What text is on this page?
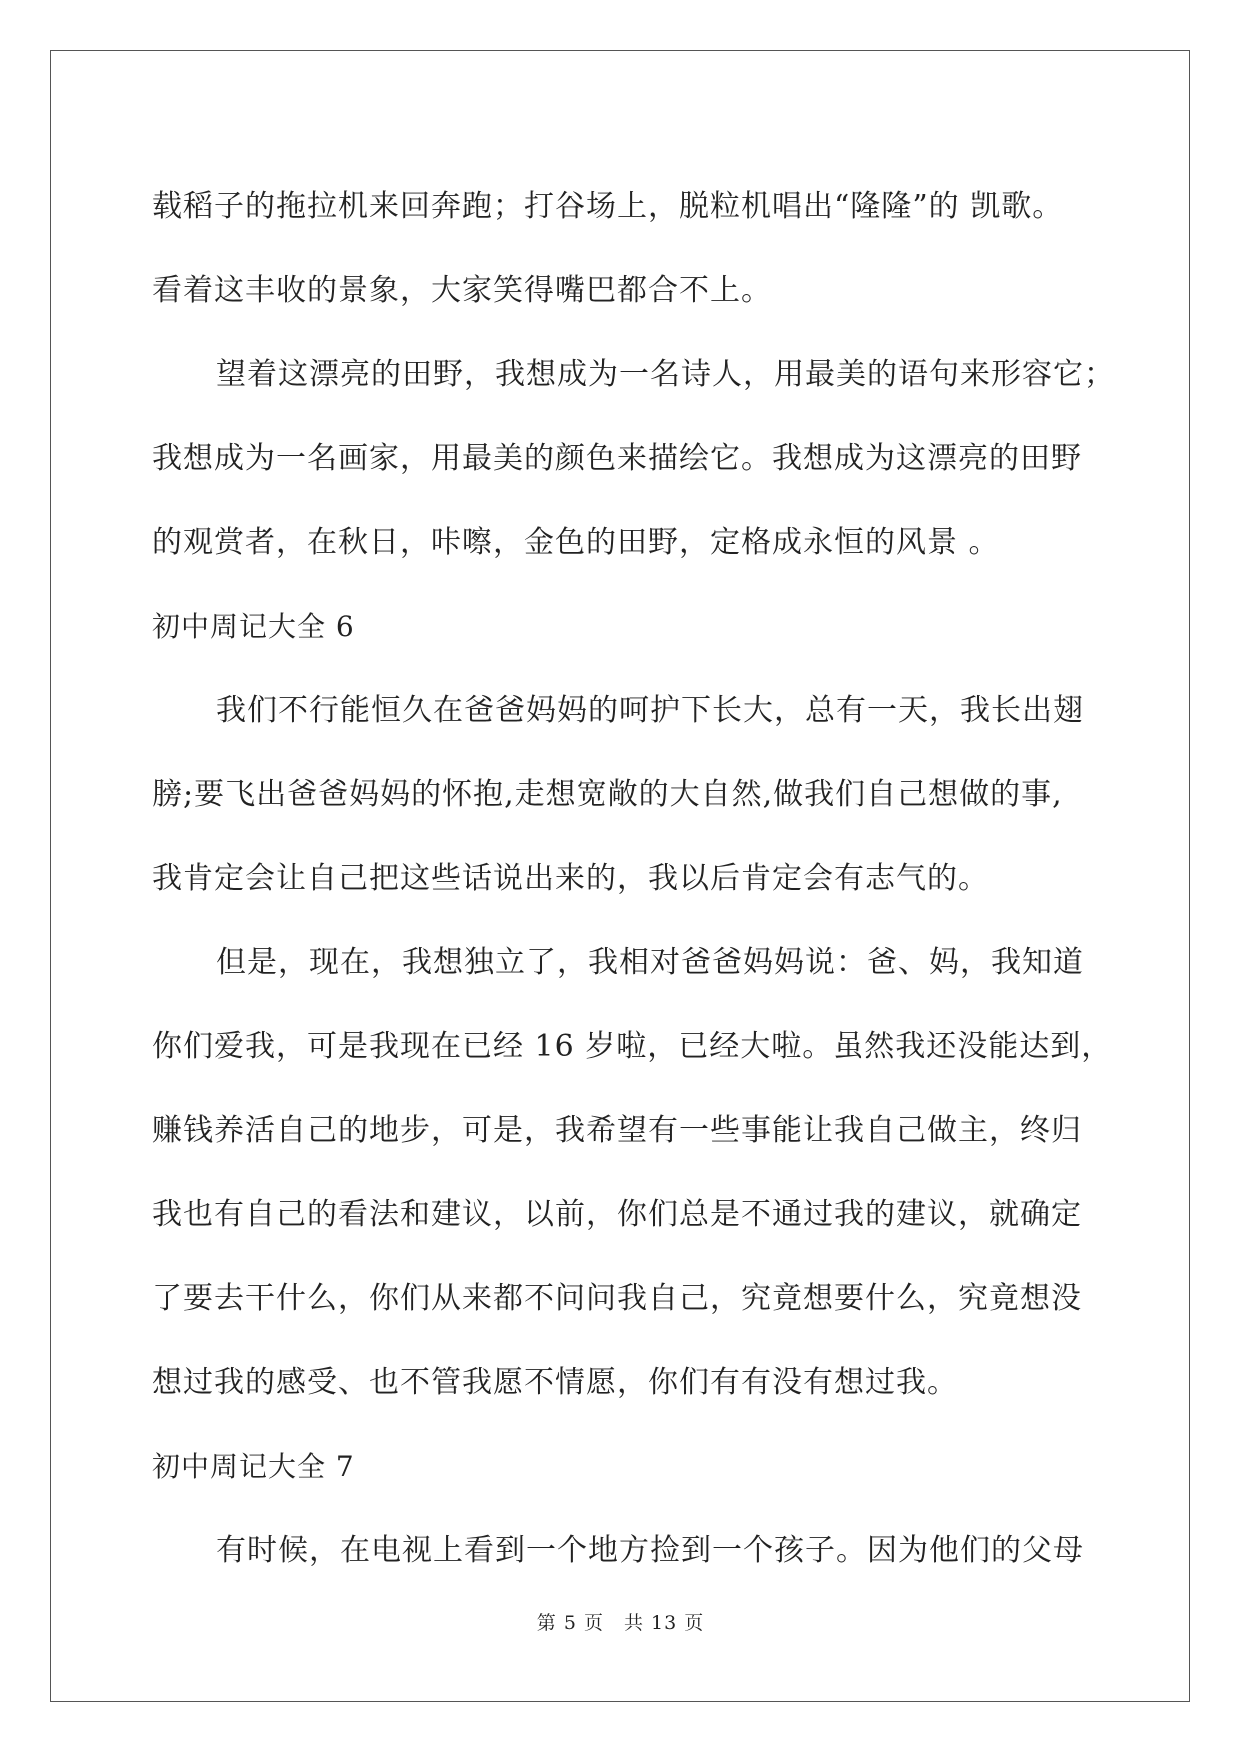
载稻子的拖拉机来回奔跑；打谷场上，脱粒机唱出“隆隆”的 凯歌。
看着这丰收的景象，大家笑得嘴巴都合不上。
望着这漂亮的田野，我想成为一名诗人，用最美的语句来形容它；
我想成为一名画家，用最美的颜色来描绘它。我想成为这漂亮的田野
的观赏者，在秋日，咔嚓，金色的田野，定格成永恒的风景 。
初中周记大全 6
我们不行能恒久在爸爸妈妈的呵护下长大，总有一天，我长出翅
膀;要飞出爸爸妈妈的怀抱,走想宽敞的大自然,做我们自己想做的事,
我肯定会让自己把这些话说出来的，我以后肯定会有志气的。
但是，现在，我想独立了，我相对爸爸妈妈说：爸、妈，我知道
你们爱我，可是我现在已经 16 岁啦，已经大啦。虽然我还没能达到，
赚钱养活自己的地步，可是，我希望有一些事能让我自己做主，终归
我也有自己的看法和建议，以前，你们总是不通过我的建议，就确定
了要去干什么，你们从来都不问问我自己，究竟想要什么，究竟想没
想过我的感受、也不管我愿不情愿，你们有有没有想过我。
初中周记大全 7
有时候，在电视上看到一个地方捡到一个孩子。因为他们的父母
第 5 页　共 13 页
